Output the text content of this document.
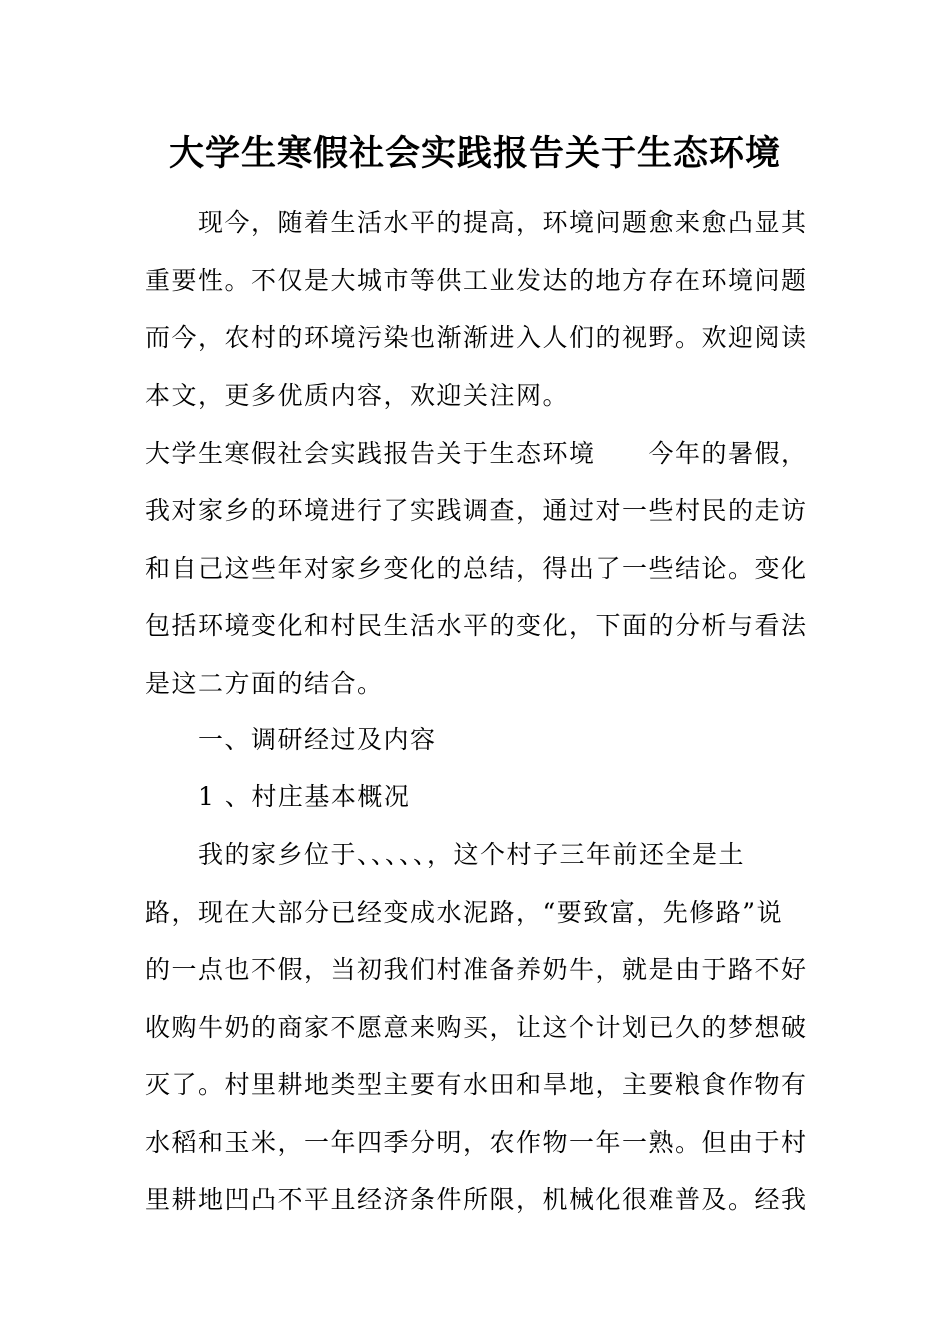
大学生寒假社会实践报告关于生态环境
　　现今，随着生活水平的提高，环境问题愈来愈凸显其
重要性。不仅是大城市等供工业发达的地方存在环境问题
而今，农村的环境污染也渐渐进入人们的视野。欢迎阅读
本文，更多优质内容，欢迎关注网。
大学生寒假社会实践报告关于生态环境　　今年的暑假，
我对家乡的环境进行了实践调查，通过对一些村民的走访
和自己这些年对家乡变化的总结，得出了一些结论。变化
包括环境变化和村民生活水平的变化，下面的分析与看法
是这二方面的结合。
　　一、调研经过及内容
　　1 、村庄基本概况
　　我的家乡位于、、、、、，这个村子三年前还全是土
路，现在大部分已经变成水泥路，“要致富，先修路”说
的一点也不假，当初我们村准备养奶牛，就是由于路不好
收购牛奶的商家不愿意来购买，让这个计划已久的梦想破
灭了。村里耕地类型主要有水田和旱地，主要粮食作物有
水稻和玉米，一年四季分明，农作物一年一熟。但由于村
里耕地凹凸不平且经济条件所限，机械化很难普及。经我
